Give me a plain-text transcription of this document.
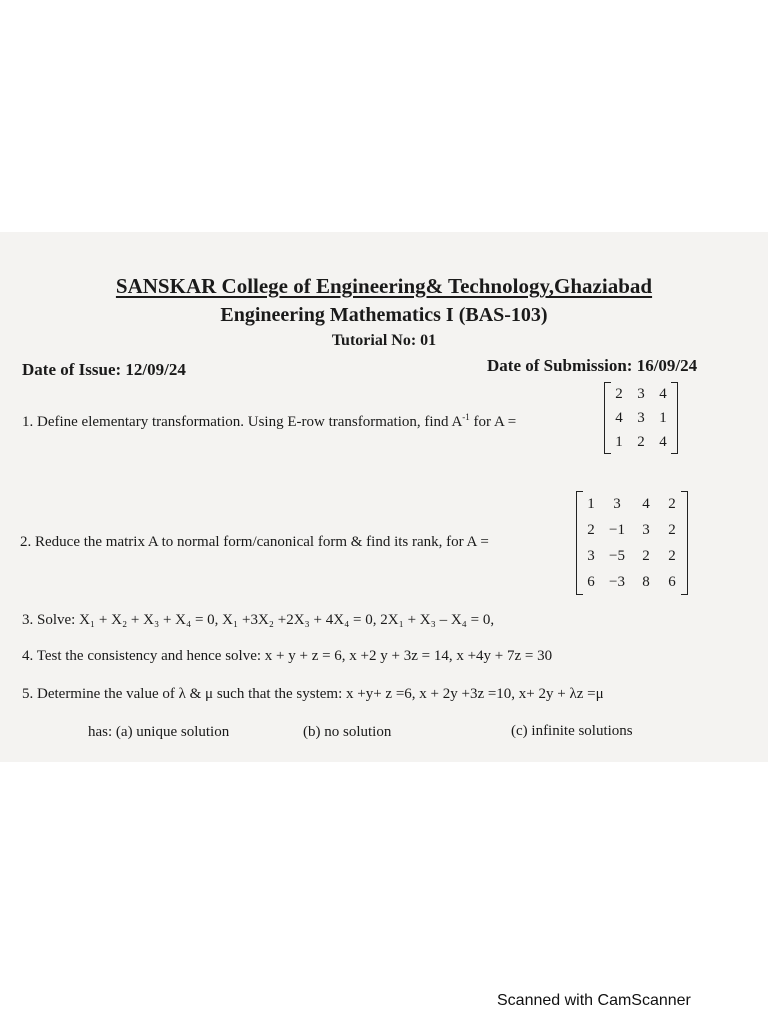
SANSKAR College of Engineering& Technology,Ghaziabad
Engineering Mathematics I (BAS-103)
Tutorial No: 01
Date of Issue: 12/09/24	Date of Submission: 16/09/24
1. Define elementary transformation. Using E-row transformation, find $A^{-1}$ for A =
2 3 4
4 3 1
1 2 4
2. Reduce the matrix A to normal form/canonical form & find its rank, for A =
1	3	4	2
2 −1	3	2
3 −5	2	2
6 −3	8	6
3. Solve: X₁ + X₂ + X₃ + X₄ = 0, X₁ +3X₂ +2X₃ + 4X₄ = 0, 2X₁ + X₃ – X₄ = 0,
4. Test the consistency and hence solve: x + y + z = 6, x +2 y + 3z = 14, x +4y + 7z = 30
5. Determine the value of λ & μ such that the system: x +y+ z =6, x + 2y +3z =10, x+ 2y + λz =μ
has: (a) unique solution	(b) no solution	(c) infinite solutions
Scanned with CamScanner
